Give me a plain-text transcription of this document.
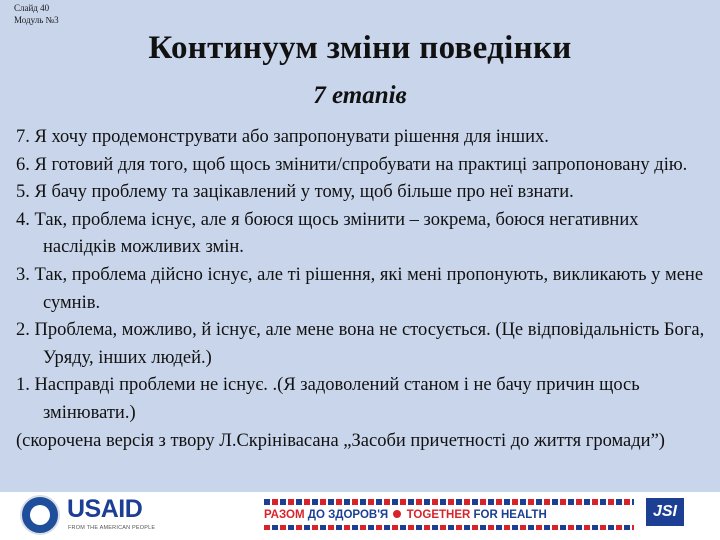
Слайд 40
Модуль №3
Континуум зміни поведінки
7 етапів
7. Я хочу продемонструвати або запропонувати рішення для інших.
6. Я готовий для того, щоб щось змінити/спробувати на практиці запропоновану дію.
5. Я бачу проблему та зацікавлений у тому, щоб більше про неї взнати.
4. Так, проблема існує, але я боюся щось змінити – зокрема, боюся негативних наслідків можливих змін.
3. Так, проблема дійсно існує, але ті рішення, які мені пропонують, викликають у мене сумнів.
2. Проблема, можливо, й існує, але мене вона не стосується. (Це відповідальність Бога, Уряду, інших людей.)
1. Насправді проблеми не існує. .(Я задоволений станом і не бачу причин щось змінювати.)
(скорочена версія з твору Л.Скрінівасана „Засоби причетності до життя громади”)
USAID
FROM THE AMERICAN PEOPLE
РАЗОМ ДО ЗДОРОВ'Я TOGETHER FOR HEALTH	JSI
